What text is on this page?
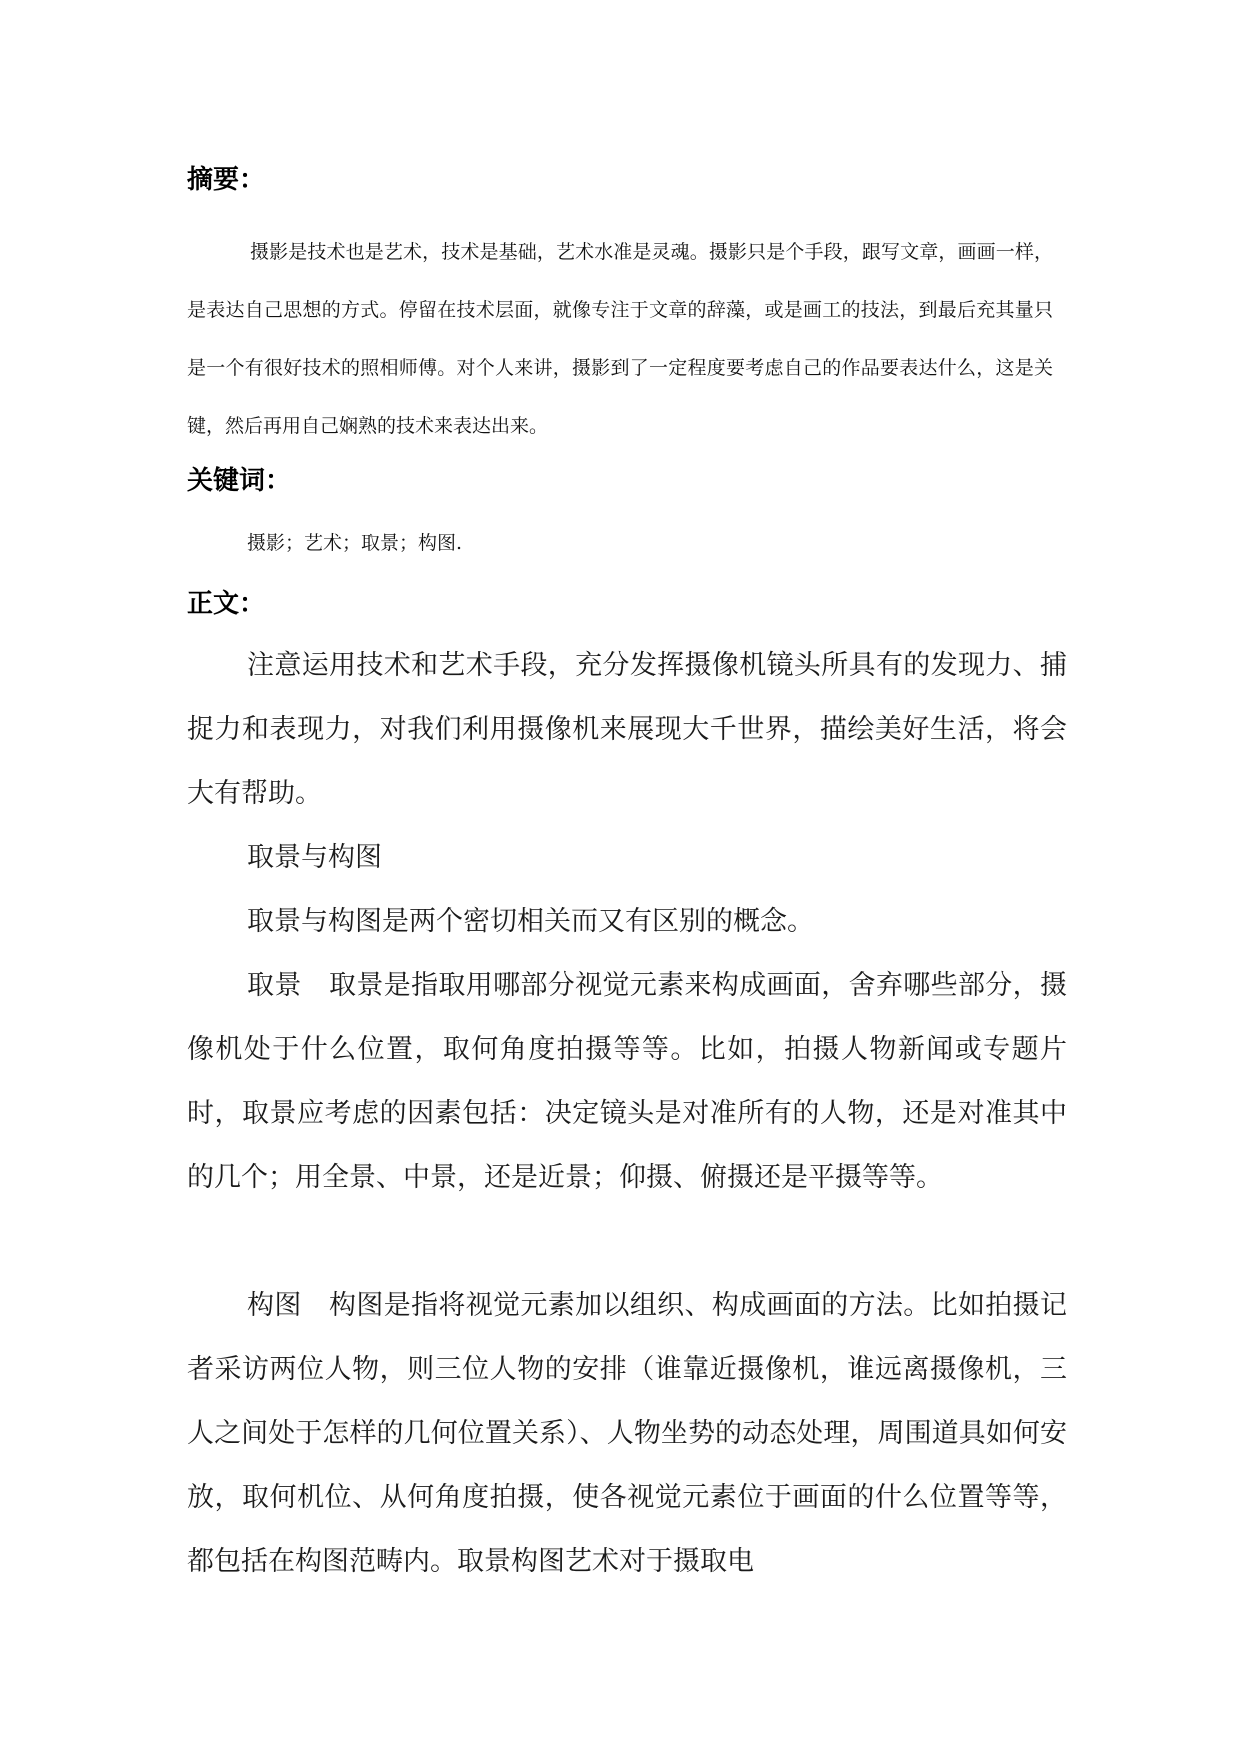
摘要：

摄影是技术也是艺术，技术是基础，艺术水准是灵魂。摄影只是个手段，跟写文章，画画一样，是表达自己思想的方式。停留在技术层面，就像专注于文章的辞藻，或是画工的技法，到最后充其量只是一个有很好技术的照相师傅。对个人来讲，摄影到了一定程度要考虑自己的作品要表达什么，这是关键，然后再用自己娴熟的技术来表达出来。

关键词：

摄影；艺术；取景；构图.

正文：

注意运用技术和艺术手段，充分发挥摄像机镜头所具有的发现力、捕捉力和表现力，对我们利用摄像机来展现大千世界，描绘美好生活，将会大有帮助。

取景与构图

取景与构图是两个密切相关而又有区别的概念。

取景　取景是指取用哪部分视觉元素来构成画面，舍弃哪些部分，摄像机处于什么位置，取何角度拍摄等等。比如，拍摄人物新闻或专题片时，取景应考虑的因素包括：决定镜头是对准所有的人物，还是对准其中的几个；用全景、中景，还是近景；仰摄、俯摄还是平摄等等。

构图　构图是指将视觉元素加以组织、构成画面的方法。比如拍摄记者采访两位人物，则三位人物的安排（谁靠近摄像机，谁远离摄像机，三人之间处于怎样的几何位置关系）、人物坐势的动态处理，周围道具如何安放，取何机位、从何角度拍摄，使各视觉元素位于画面的什么位置等等，都包括在构图范畴内。取景构图艺术对于摄取电
